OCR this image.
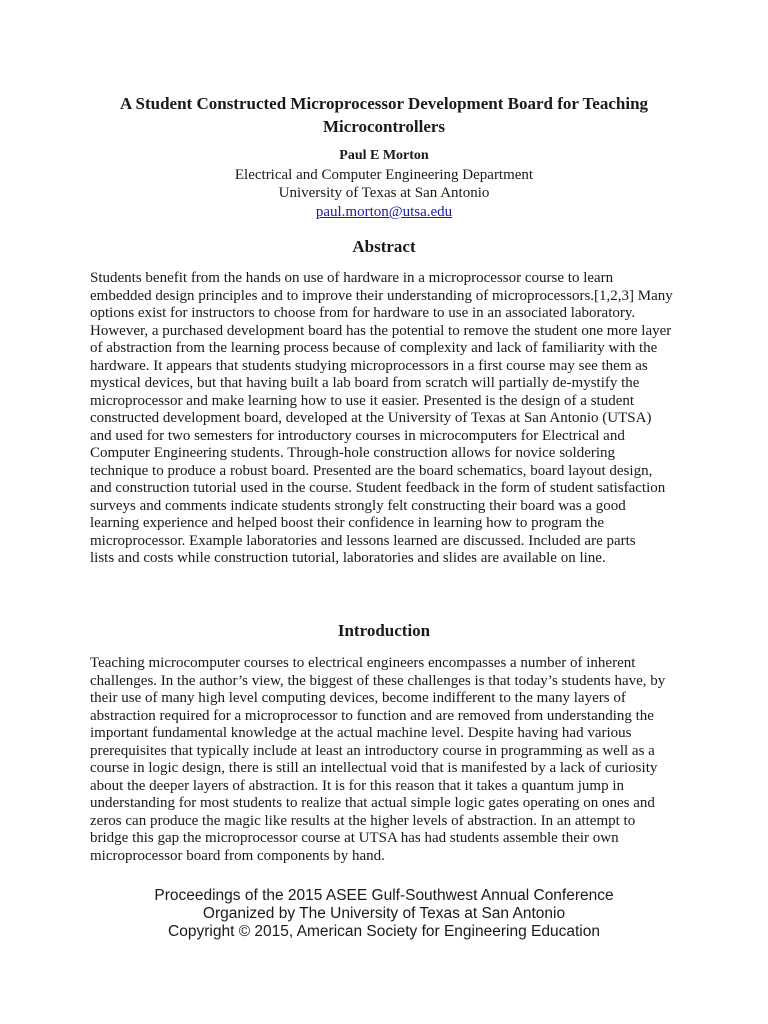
A Student Constructed Microprocessor Development Board for Teaching Microcontrollers
Paul E Morton
Electrical and Computer Engineering Department
University of Texas at San Antonio
paul.morton@utsa.edu
Abstract

Students benefit from the hands on use of hardware in a microprocessor course to learn
embedded design principles and to improve their understanding of microprocessors.[1,2,3] Many
options exist for instructors to choose from for hardware to use in an associated laboratory.
However, a purchased development board has the potential to remove the student one more layer
of abstraction from the learning process because of complexity and lack of familiarity with the
hardware. It appears that students studying microprocessors in a first course may see them as
mystical devices, but that having built a lab board from scratch will partially de-mystify the
microprocessor and make learning how to use it easier. Presented is the design of a student
constructed development board, developed at the University of Texas at San Antonio (UTSA)
and used for two semesters for introductory courses in microcomputers for Electrical and
Computer Engineering students. Through-hole construction allows for novice soldering
technique to produce a robust board. Presented are the board schematics, board layout design,
and construction tutorial used in the course. Student feedback in the form of student satisfaction
surveys and comments indicate students strongly felt constructing their board was a good
learning experience and helped boost their confidence in learning how to program the
microprocessor. Example laboratories and lessons learned are discussed. Included are parts
lists and costs while construction tutorial, laboratories and slides are available on line.

Introduction

Teaching microcomputer courses to electrical engineers encompasses a number of inherent
challenges. In the author’s view, the biggest of these challenges is that today’s students have, by
their use of many high level computing devices, become indifferent to the many layers of
abstraction required for a microprocessor to function and are removed from understanding the
important fundamental knowledge at the actual machine level. Despite having had various
prerequisites that typically include at least an introductory course in programming as well as a
course in logic design, there is still an intellectual void that is manifested by a lack of curiosity
about the deeper layers of abstraction. It is for this reason that it takes a quantum jump in
understanding for most students to realize that actual simple logic gates operating on ones and
zeros can produce the magic like results at the higher levels of abstraction. In an attempt to
bridge this gap the microprocessor course at UTSA has had students assemble their own
microprocessor board from components by hand.

Proceedings of the 2015 ASEE Gulf-Southwest Annual Conference
Organized by The University of Texas at San Antonio
Copyright © 2015, American Society for Engineering Education
